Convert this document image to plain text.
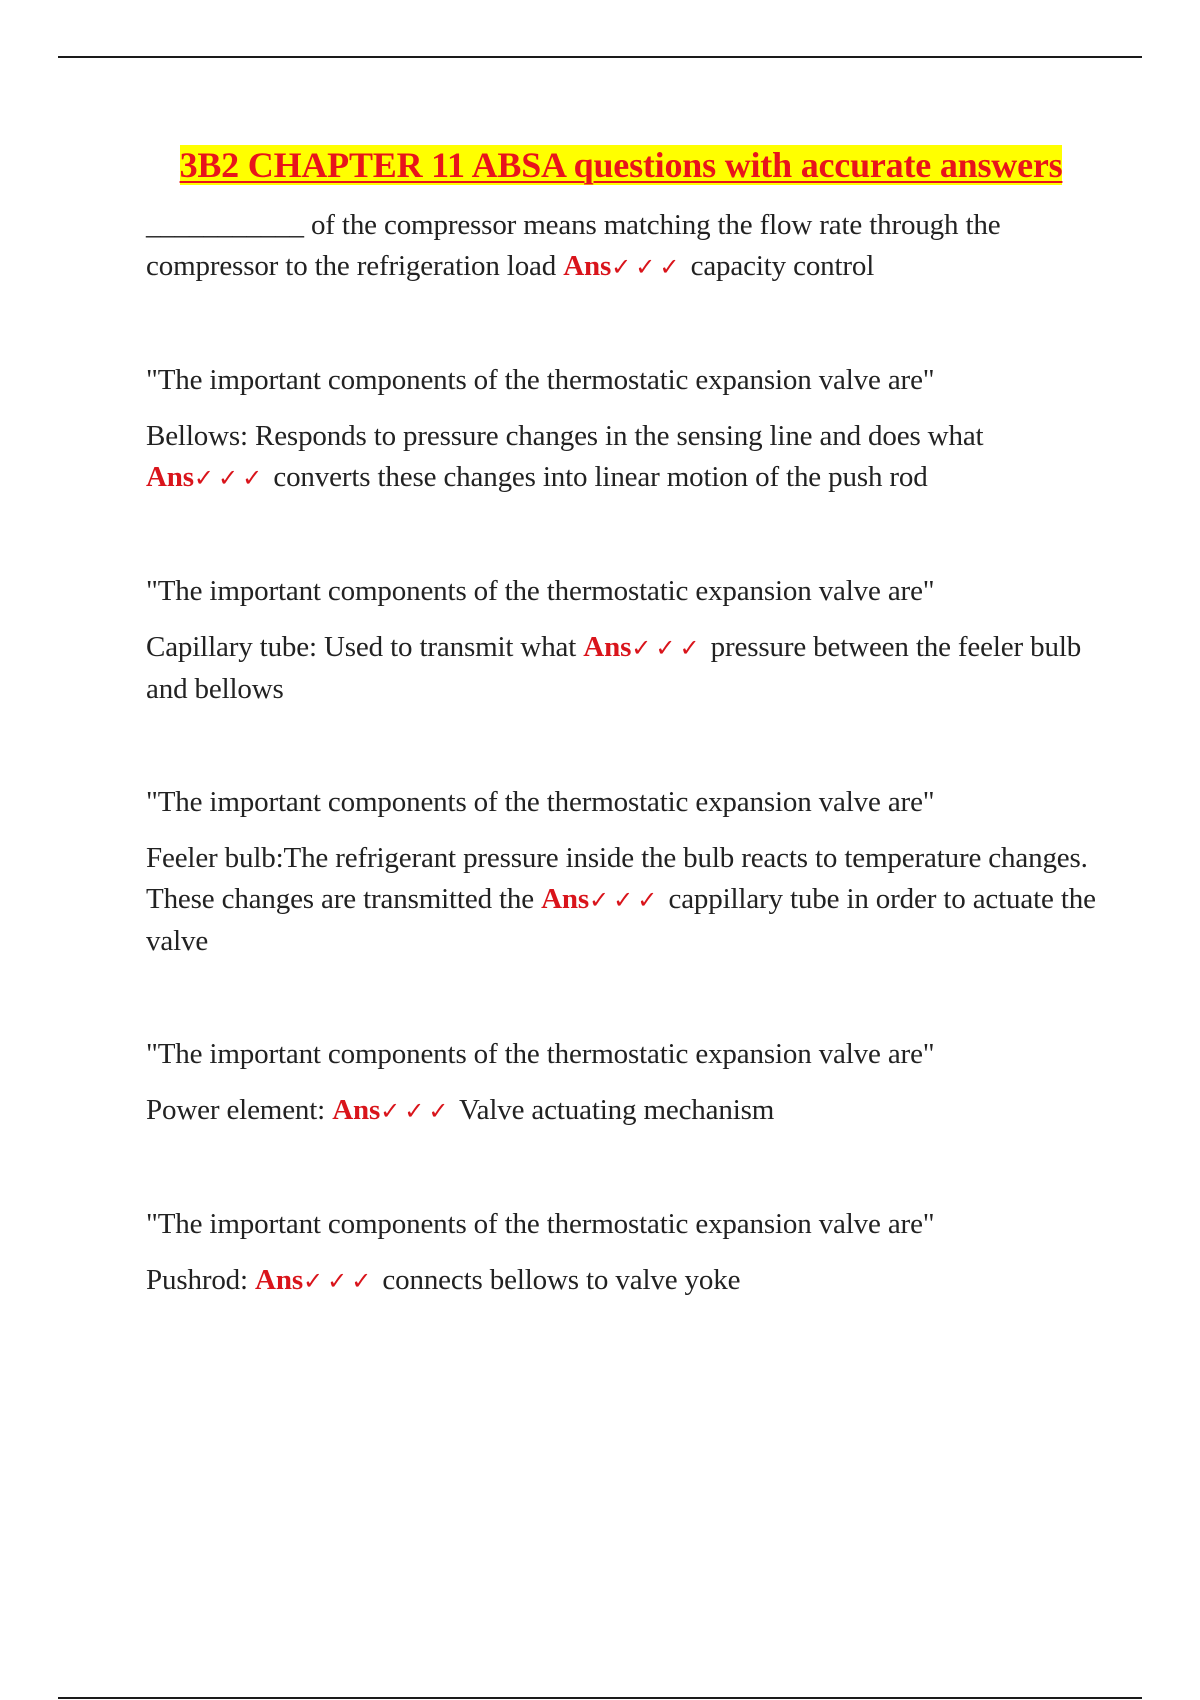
3B2 CHAPTER 11 ABSA questions with accurate answers

___________ of the compressor means matching the flow rate through the compressor to the refrigeration load Ans✓✓✓ capacity control

"The important components of the thermostatic expansion valve are"

Bellows: Responds to pressure changes in the sensing line and does what Ans✓✓✓ converts these changes into linear motion of the push rod

"The important components of the thermostatic expansion valve are"

Capillary tube: Used to transmit what Ans✓✓✓ pressure between the feeler bulb and bellows

"The important components of the thermostatic expansion valve are"

Feeler bulb:The refrigerant pressure inside the bulb reacts to temperature changes. These changes are transmitted the Ans✓✓✓ cappillary tube in order to actuate the valve

"The important components of the thermostatic expansion valve are"

Power element: Ans✓✓✓ Valve actuating mechanism

"The important components of the thermostatic expansion valve are"

Pushrod: Ans✓✓✓ connects bellows to valve yoke
